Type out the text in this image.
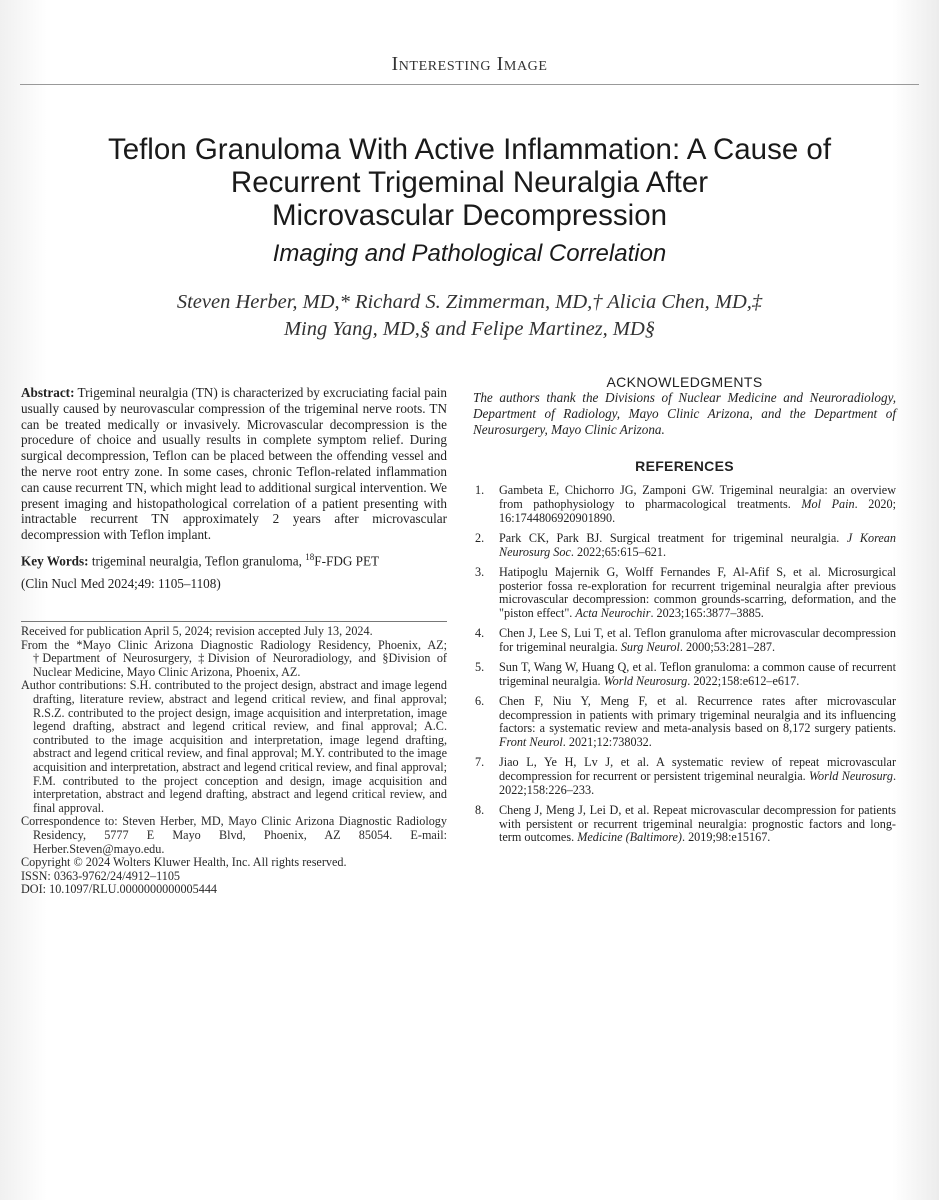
Interesting Image
Teflon Granuloma With Active Inflammation: A Cause of
Recurrent Trigeminal Neuralgia After
Microvascular Decompression
Imaging and Pathological Correlation
Steven Herber, MD,* Richard S. Zimmerman, MD,† Alicia Chen, MD,‡
Ming Yang, MD,§ and Felipe Martinez, MD§

Abstract: Trigeminal neuralgia (TN) is characterized by excruciating facial pain usually caused by neurovascular compression of the trigeminal nerve roots. TN can be treated medically or invasively. Microvascular decompression is the procedure of choice and usually results in complete symptom relief. During surgical decompression, Teflon can be placed between the offending vessel and the nerve root entry zone. In some cases, chronic Teflon-related inflammation can cause recurrent TN, which might lead to additional surgical intervention. We present imaging and histopathological correlation of a patient presenting with intractable recurrent TN approximately 2 years after microvascular decompression with Teflon implant.

Key Words: trigeminal neuralgia, Teflon granuloma, $^{18}$F-FDG PET

(Clin Nucl Med 2024;49: 1105–1108)

Received for publication April 5, 2024; revision accepted July 13, 2024.

From the *Mayo Clinic Arizona Diagnostic Radiology Residency, Phoenix, AZ; †Department of Neurosurgery, ‡Division of Neuroradiology, and §Division of Nuclear Medicine, Mayo Clinic Arizona, Phoenix, AZ.

Author contributions: S.H. contributed to the project design, abstract and image legend drafting, literature review, abstract and legend critical review, and final approval; R.S.Z. contributed to the project design, image acquisition and interpretation, image legend drafting, abstract and legend critical review, and final approval; A.C. contributed to the image acquisition and interpretation, image legend drafting, abstract and legend critical review, and final approval; M.Y. contributed to the image acquisition and interpretation, abstract and legend critical review, and final approval; F.M. contributed to the project conception and design, image acquisition and interpretation, abstract and legend drafting, abstract and legend critical review, and final approval.

Correspondence to: Steven Herber, MD, Mayo Clinic Arizona Diagnostic Radiology Residency, 5777 E Mayo Blvd, Phoenix, AZ 85054. E-mail: Herber.Steven@mayo.edu.

Copyright © 2024 Wolters Kluwer Health, Inc. All rights reserved.

ISSN: 0363-9762/24/4912–1105

DOI: 10.1097/RLU.0000000000005444

ACKNOWLEDGMENTS

The authors thank the Divisions of Nuclear Medicine and Neuroradiology, Department of Radiology, Mayo Clinic Arizona, and the Department of Neurosurgery, Mayo Clinic Arizona.

REFERENCES
1.	Gambeta E, Chichorro JG, Zamponi GW. Trigeminal neuralgia: an overview from pathophysiology to pharmacological treatments. Mol Pain. 2020; 16:1744806920901890.
2.	Park CK, Park BJ. Surgical treatment for trigeminal neuralgia. J Korean Neurosurg Soc. 2022;65:615–621.
3.	Hatipoglu Majernik G, Wolff Fernandes F, Al-Afif S, et al. Microsurgical posterior fossa re-exploration for recurrent trigeminal neuralgia after previous microvascular decompression: common grounds-scarring, deformation, and the "piston effect". Acta Neurochir. 2023;165:3877–3885.
4.	Chen J, Lee S, Lui T, et al. Teflon granuloma after microvascular decompression for trigeminal neuralgia. Surg Neurol. 2000;53:281–287.
5.	Sun T, Wang W, Huang Q, et al. Teflon granuloma: a common cause of recurrent trigeminal neuralgia. World Neurosurg. 2022;158:e612–e617.
6.	Chen F, Niu Y, Meng F, et al. Recurrence rates after microvascular decompression in patients with primary trigeminal neuralgia and its influencing factors: a systematic review and meta-analysis based on 8,172 surgery patients. Front Neurol. 2021;12:738032.
7.	Jiao L, Ye H, Lv J, et al. A systematic review of repeat microvascular decompression for recurrent or persistent trigeminal neuralgia. World Neurosurg. 2022;158:226–233.
8.	Cheng J, Meng J, Lei D, et al. Repeat microvascular decompression for patients with persistent or recurrent trigeminal neuralgia: prognostic factors and long-term outcomes. Medicine (Baltimore). 2019;98:e15167.
